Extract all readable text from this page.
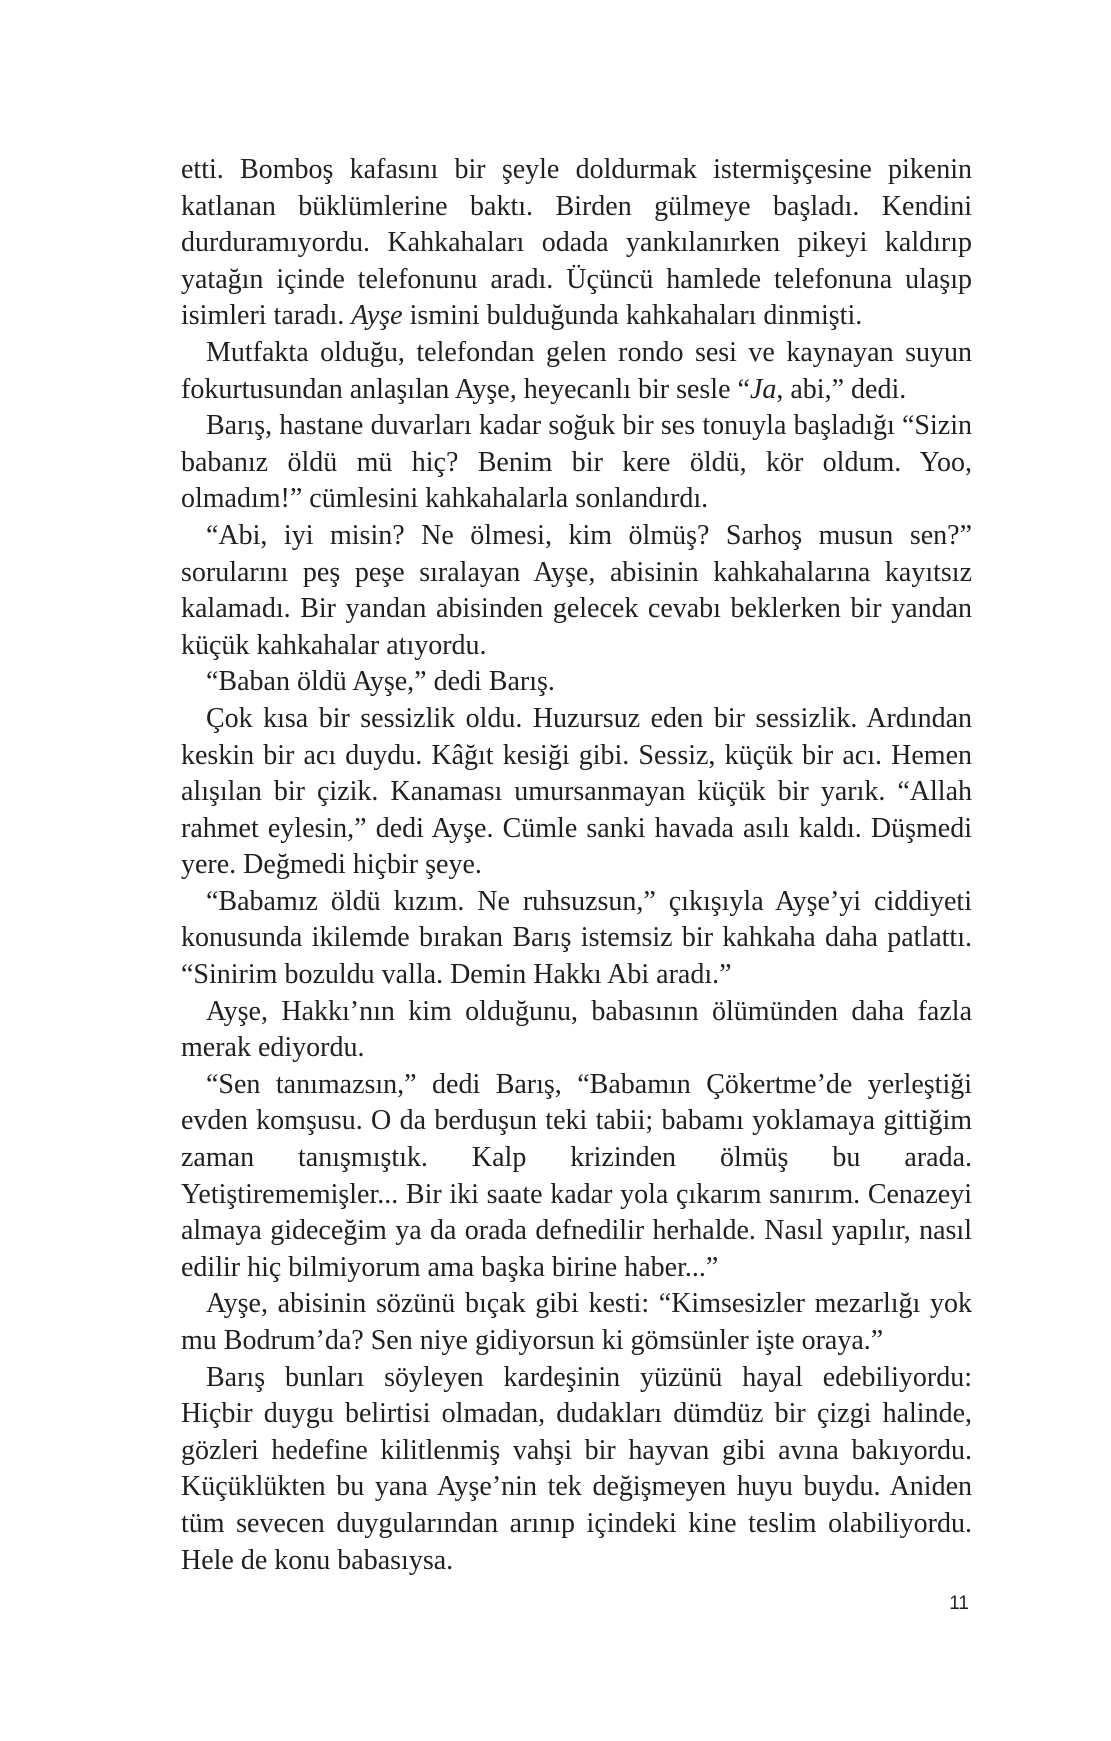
etti. Bomboş kafasını bir şeyle doldurmak istermişçesine pikenin katlanan büklümlerine baktı. Birden gülmeye başladı. Kendini durduramıyordu. Kahkahaları odada yankılanırken pikeyi kaldırıp yatağın içinde telefonunu aradı. Üçüncü hamlede telefonuna ulaşıp isimleri taradı. Ayşe ismini bulduğunda kahkahaları dinmişti.

Mutfakta olduğu, telefondan gelen rondo sesi ve kaynayan suyun fokurtusundan anlaşılan Ayşe, heyecanlı bir sesle “Ja, abi,” dedi.

Barış, hastane duvarları kadar soğuk bir ses tonuyla başladığı “Sizin babanız öldü mü hiç? Benim bir kere öldü, kör oldum. Yoo, olmadım!” cümlesini kahkahalarla sonlandırdı.

“Abi, iyi misin? Ne ölmesi, kim ölmüş? Sarhoş musun sen?” sorularını peş peşe sıralayan Ayşe, abisinin kahkahalarına kayıtsız kalamadı. Bir yandan abisinden gelecek cevabı beklerken bir yandan küçük kahkahalar atıyordu.

“Baban öldü Ayşe,” dedi Barış.

Çok kısa bir sessizlik oldu. Huzursuz eden bir sessizlik. Ardından keskin bir acı duydu. Kâğıt kesiği gibi. Sessiz, küçük bir acı. Hemen alışılan bir çizik. Kanaması umursanmayan küçük bir yarık. “Allah rahmet eylesin,” dedi Ayşe. Cümle sanki havada asılı kaldı. Düşmedi yere. Değmedi hiçbir şeye.

“Babamız öldü kızım. Ne ruhsuzsun,” çıkışıyla Ayşe’yi ciddiyeti konusunda ikilemde bırakan Barış istemsiz bir kahkaha daha patlattı. “Sinirim bozuldu valla. Demin Hakkı Abi aradı.”

Ayşe, Hakkı’nın kim olduğunu, babasının ölümünden daha fazla merak ediyordu.

“Sen tanımazsın,” dedi Barış, “Babamın Çökertme’de yerleştiği evden komşusu. O da berduşun teki tabii; babamı yoklamaya gittiğim zaman tanışmıştık. Kalp krizinden ölmüş bu arada. Yetiştirememişler... Bir iki saate kadar yola çıkarım sanırım. Cenazeyi almaya gideceğim ya da orada defnedilir herhalde. Nasıl yapılır, nasıl edilir hiç bilmiyorum ama başka birine haber...”

Ayşe, abisinin sözünü bıçak gibi kesti: “Kimsesizler mezarlığı yok mu Bodrum’da? Sen niye gidiyorsun ki gömsünler işte oraya.”

Barış bunları söyleyen kardeşinin yüzünü hayal edebiliyordu: Hiçbir duygu belirtisi olmadan, dudakları dümdüz bir çizgi halinde, gözleri hedefine kilitlenmiş vahşi bir hayvan gibi avına bakıyordu. Küçüklükten bu yana Ayşe’nin tek değişmeyen huyu buydu. Aniden tüm sevecen duygularından arınıp içindeki kine teslim olabiliyordu. Hele de konu babasıysa.

11
